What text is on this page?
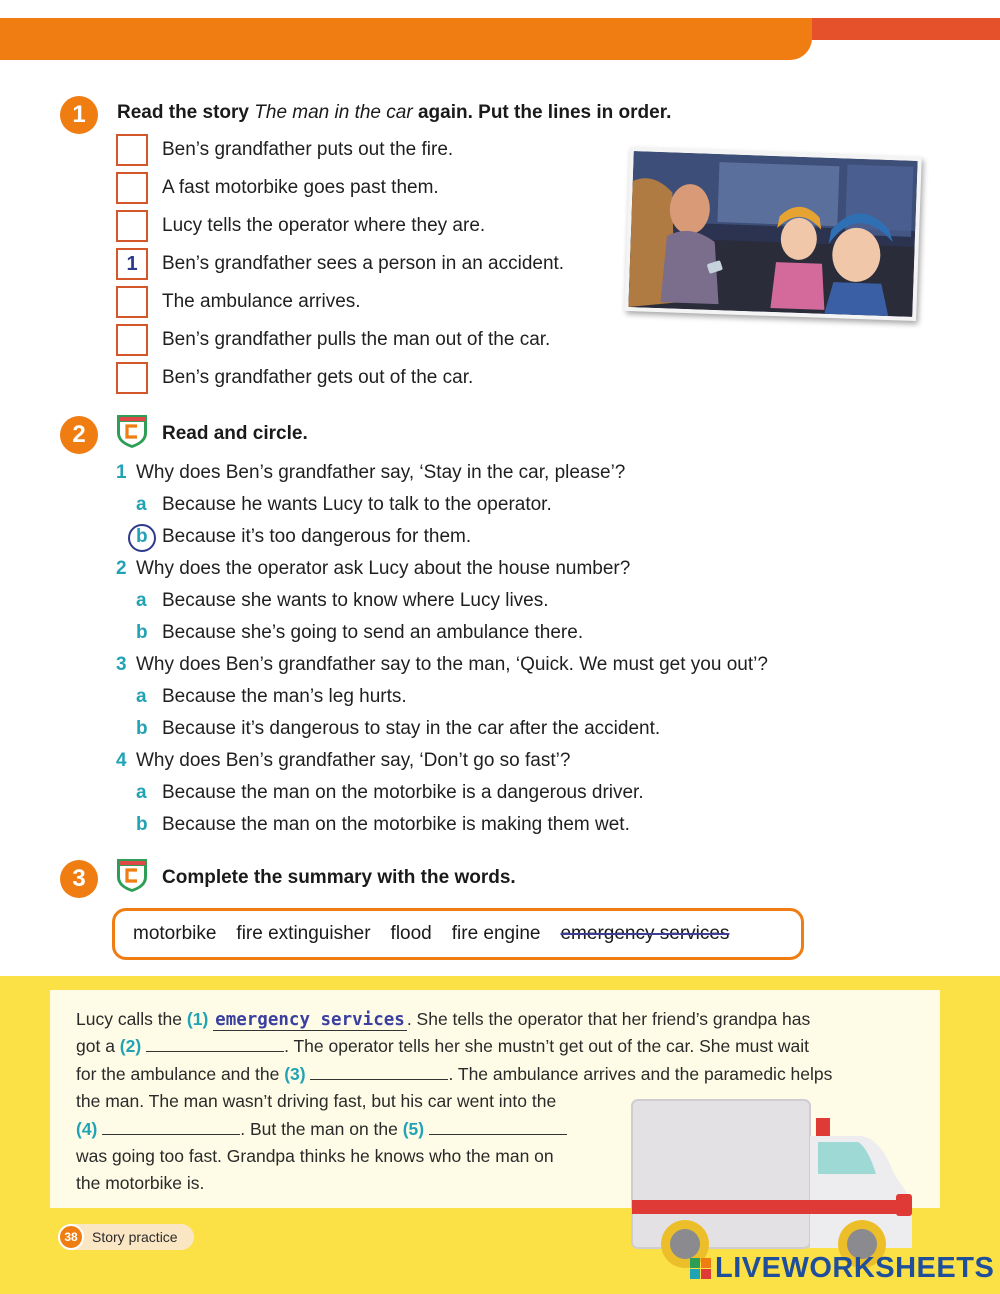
1	Read the story The man in the car again. Put the lines in order.
Ben’s grandfather puts out the fire.
A fast motorbike goes past them.
Lucy tells the operator where they are.
1	Ben’s grandfather sees a person in an accident.
The ambulance arrives.
Ben’s grandfather pulls the man out of the car.
Ben’s grandfather gets out of the car.
2	Read and circle.
1 Why does Ben’s grandfather say, ‘Stay in the car, please’?
a Because he wants Lucy to talk to the operator.
b Because it’s too dangerous for them.
2 Why does the operator ask Lucy about the house number?
a Because she wants to know where Lucy lives.
b Because she’s going to send an ambulance there.
3 Why does Ben’s grandfather say to the man, ‘Quick. We must get you out’?
a Because the man’s leg hurts.
b Because it’s dangerous to stay in the car after the accident.
4 Why does Ben’s grandfather say, ‘Don’t go so fast’?
a Because the man on the motorbike is a dangerous driver.
b Because the man on the motorbike is making them wet.
3	Complete the summary with the words.
motorbike fire extinguisher flood fire engine emergency services
Lucy calls the (1) emergency services . She tells the operator that her friend’s grandpa has
got a (2)	. The operator tells her she mustn’t get out of the car. She must wait
for the ambulance and the (3)	. The ambulance arrives and the paramedic helps
the man. The man wasn’t driving fast, but his car went into the
(4)	. But the man on the (5)
was going too fast. Grandpa thinks he knows who the man on
the motorbike is.
38	Story practice
LIVEWORKSHEETS
